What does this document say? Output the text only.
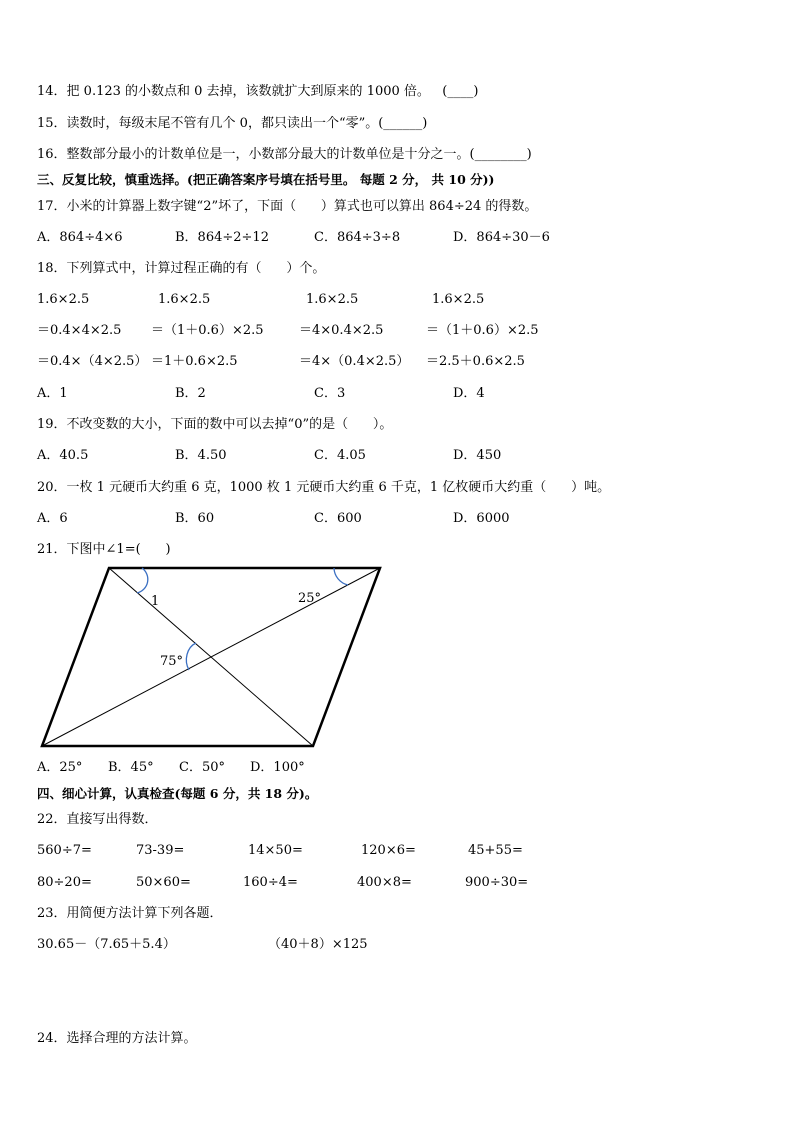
14．把 0.123 的小数点和 0 去掉，该数就扩大到原来的 1000 倍。   (____)
15．读数时，每级末尾不管有几个 0，都只读出一个“零”。(______)
16．整数部分最小的计数单位是一，小数部分最大的计数单位是十分之一。(________)
三、反复比较，慎重选择。(把正确答案序号填在括号里。 每题 2 分， 共 10 分))
17．小米的计算器上数字键“2”坏了，下面（      ）算式也可以算出 864÷24 的得数。
A．864÷4×6	B．864÷2÷12	C．864÷3÷8	D．864÷30－6
18．下列算式中，计算过程正确的有（      ）个。
1.6×2.5	1.6×2.5	1.6×2.5	1.6×2.5
＝0.4×4×2.5 ＝（1＋0.6）×2.5	＝4×0.4×2.5	＝（1＋0.6）×2.5
＝0.4×（4×2.5） ＝1＋0.6×2.5	＝4×（0.4×2.5） ＝2.5＋0.6×2.5
A．1	B．2	C．3	D．4
19．不改变数的大小，下面的数中可以去掉“0”的是（      ）。
A．40.5	B．4.50	C．4.05	D．450
20．一枚 1 元硬币大约重 6 克，1000 枚 1 元硬币大约重 6 千克，1 亿枚硬币大约重（      ）吨。
A．6	B．60	C．600	D．6000
21．下图中∠1=(      )
1	25°
75°
A．25° B．45° C．50° D．100°
四、细心计算，认真检查(每题 6 分，共 18 分)。
22．直接写出得数．
560÷7=	73-39=	14×50=	120×6=	45+55=
80÷20=	50×60=	160÷4=	400×8=	900÷30=
23．用简便方法计算下列各题．
30.65－（7.65＋5.4）	（40＋8）×125
24．选择合理的方法计算。
